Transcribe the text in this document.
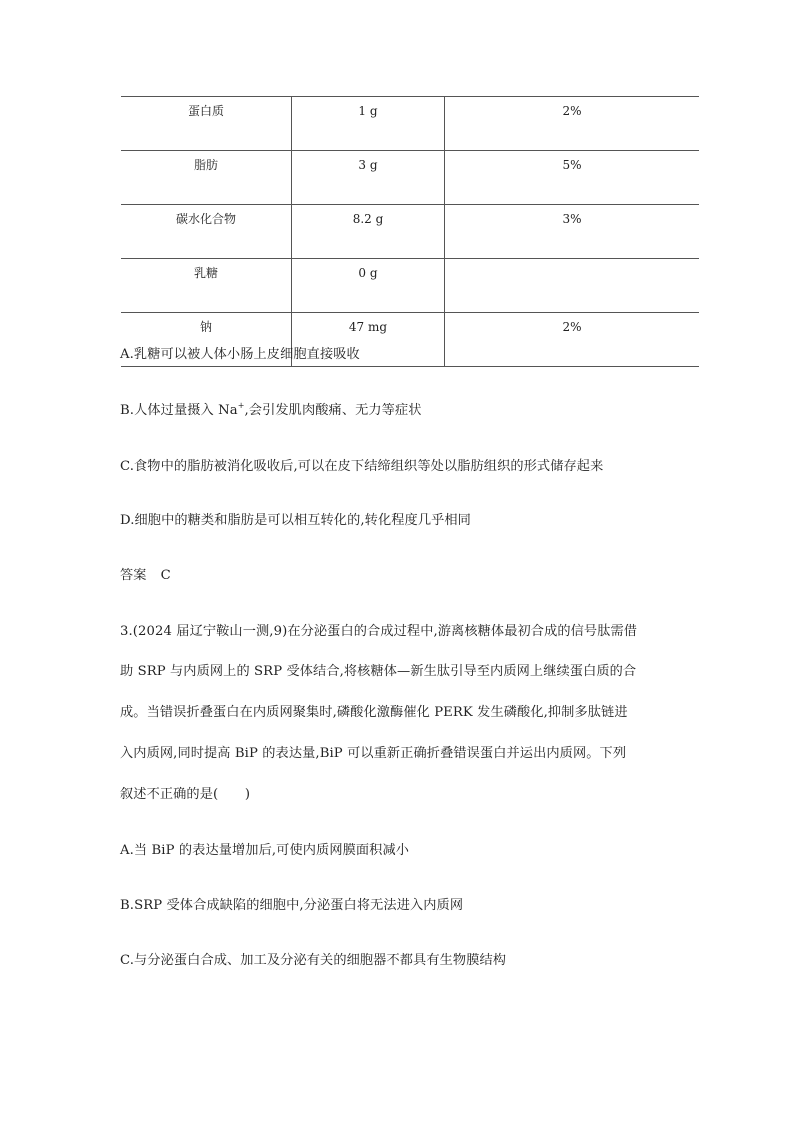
蛋白质	1 g	2%
脂肪	3 g	5%
碳水化合物	8.2 g	3%
乳糖	0 g	
钠	47 mg	2%
A.乳糖可以被人体小肠上皮细胞直接吸收
B.人体过量摄入 Na+,会引发肌肉酸痛、无力等症状
C.食物中的脂肪被消化吸收后,可以在皮下结缔组织等处以脂肪组织的形式储存起来
D.细胞中的糖类和脂肪是可以相互转化的,转化程度几乎相同
答案 C
3.(2024 届辽宁鞍山一测,9)在分泌蛋白的合成过程中,游离核糖体最初合成的信号肽需借
助 SRP 与内质网上的 SRP 受体结合,将核糖体—新生肽引导至内质网上继续蛋白质的合
成。当错误折叠蛋白在内质网聚集时,磷酸化激酶催化 PERK 发生磷酸化,抑制多肽链进
入内质网,同时提高 BiP 的表达量,BiP 可以重新正确折叠错误蛋白并运出内质网。下列
叙述不正确的是(　　)
A.当 BiP 的表达量增加后,可使内质网膜面积减小
B.SRP 受体合成缺陷的细胞中,分泌蛋白将无法进入内质网
C.与分泌蛋白合成、加工及分泌有关的细胞器不都具有生物膜结构
